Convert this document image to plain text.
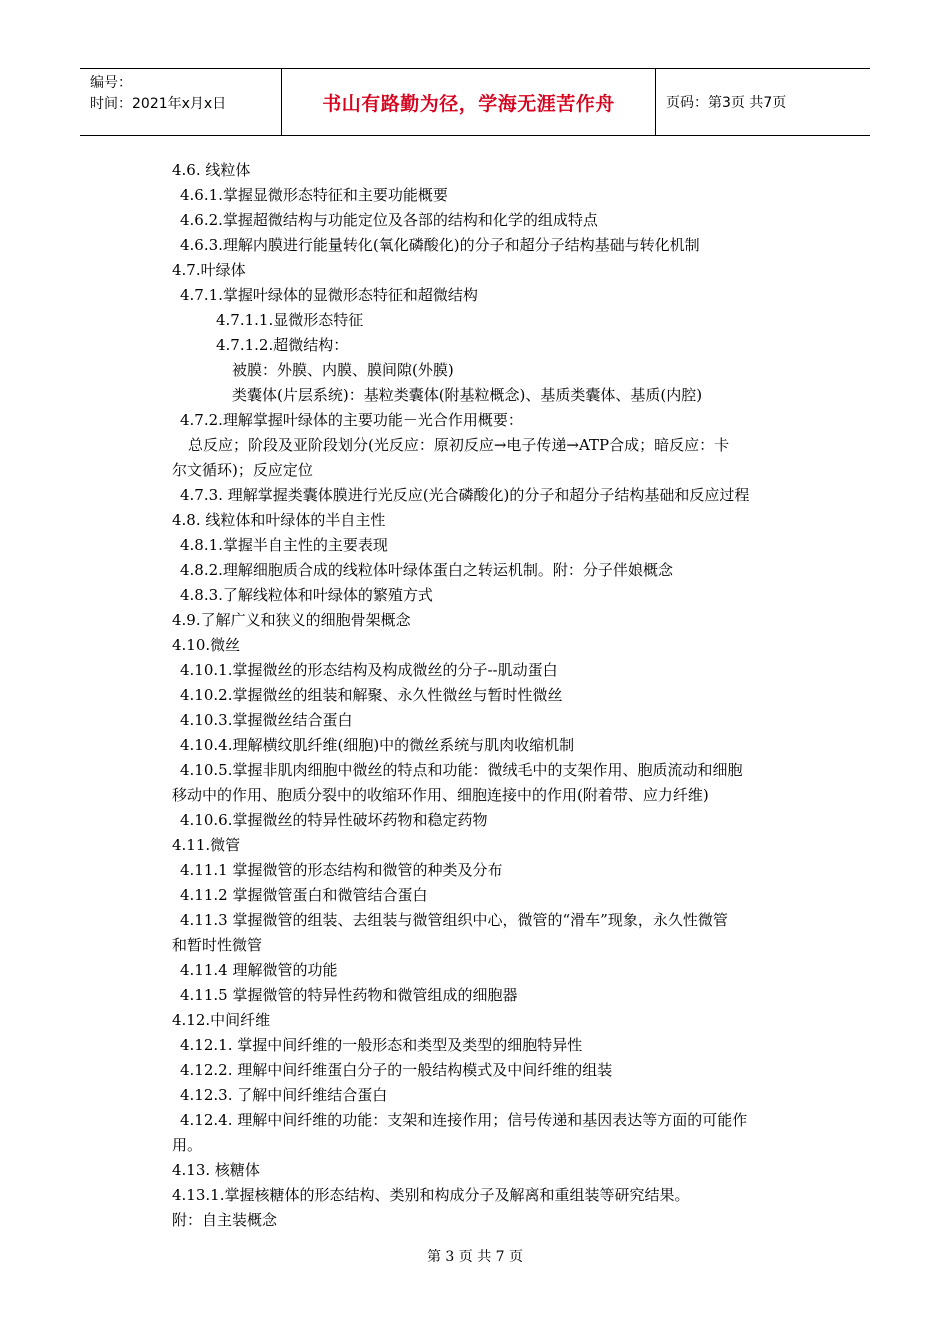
编号：
时间：2021年x月x日	书山有路勤为径，学海无涯苦作舟	页码：第3页 共7页
4.6. 线粒体
4.6.1.掌握显微形态特征和主要功能概要
4.6.2.掌握超微结构与功能定位及各部的结构和化学的组成特点
4.6.3.理解内膜进行能量转化(氧化磷酸化)的分子和超分子结构基础与转化机制
4.7.叶绿体
4.7.1.掌握叶绿体的显微形态特征和超微结构
4.7.1.1.显微形态特征
4.7.1.2.超微结构：
被膜：外膜、内膜、膜间隙(外膜)
类囊体(片层系统)：基粒类囊体(附基粒概念)、基质类囊体、基质(内腔)
4.7.2.理解掌握叶绿体的主要功能－光合作用概要：
总反应；阶段及亚阶段划分(光反应：原初反应→电子传递→ATP合成；暗反应：卡
尔文循环)；反应定位
4.7.3. 理解掌握类囊体膜进行光反应(光合磷酸化)的分子和超分子结构基础和反应过程
4.8. 线粒体和叶绿体的半自主性
4.8.1.掌握半自主性的主要表现
4.8.2.理解细胞质合成的线粒体叶绿体蛋白之转运机制。附：分子伴娘概念
4.8.3.了解线粒体和叶绿体的繁殖方式
4.9.了解广义和狭义的细胞骨架概念
4.10.微丝
4.10.1.掌握微丝的形态结构及构成微丝的分子--肌动蛋白
4.10.2.掌握微丝的组装和解聚、永久性微丝与暂时性微丝
4.10.3.掌握微丝结合蛋白
4.10.4.理解横纹肌纤维(细胞)中的微丝系统与肌肉收缩机制
4.10.5.掌握非肌肉细胞中微丝的特点和功能：微绒毛中的支架作用、胞质流动和细胞
移动中的作用、胞质分裂中的收缩环作用、细胞连接中的作用(附着带、应力纤维)
4.10.6.掌握微丝的特异性破坏药物和稳定药物
4.11.微管
4.11.1 掌握微管的形态结构和微管的种类及分布
4.11.2 掌握微管蛋白和微管结合蛋白
4.11.3 掌握微管的组装、去组装与微管组织中心，微管的“滑车”现象，永久性微管
和暂时性微管
4.11.4 理解微管的功能
4.11.5 掌握微管的特异性药物和微管组成的细胞器
4.12.中间纤维
4.12.1. 掌握中间纤维的一般形态和类型及类型的细胞特异性
4.12.2. 理解中间纤维蛋白分子的一般结构模式及中间纤维的组装
4.12.3. 了解中间纤维结合蛋白
4.12.4. 理解中间纤维的功能：支架和连接作用；信号传递和基因表达等方面的可能作
用。
4.13. 核糖体
4.13.1.掌握核糖体的形态结构、类别和构成分子及解离和重组装等研究结果。
附：自主装概念
第 3 页 共 7 页
